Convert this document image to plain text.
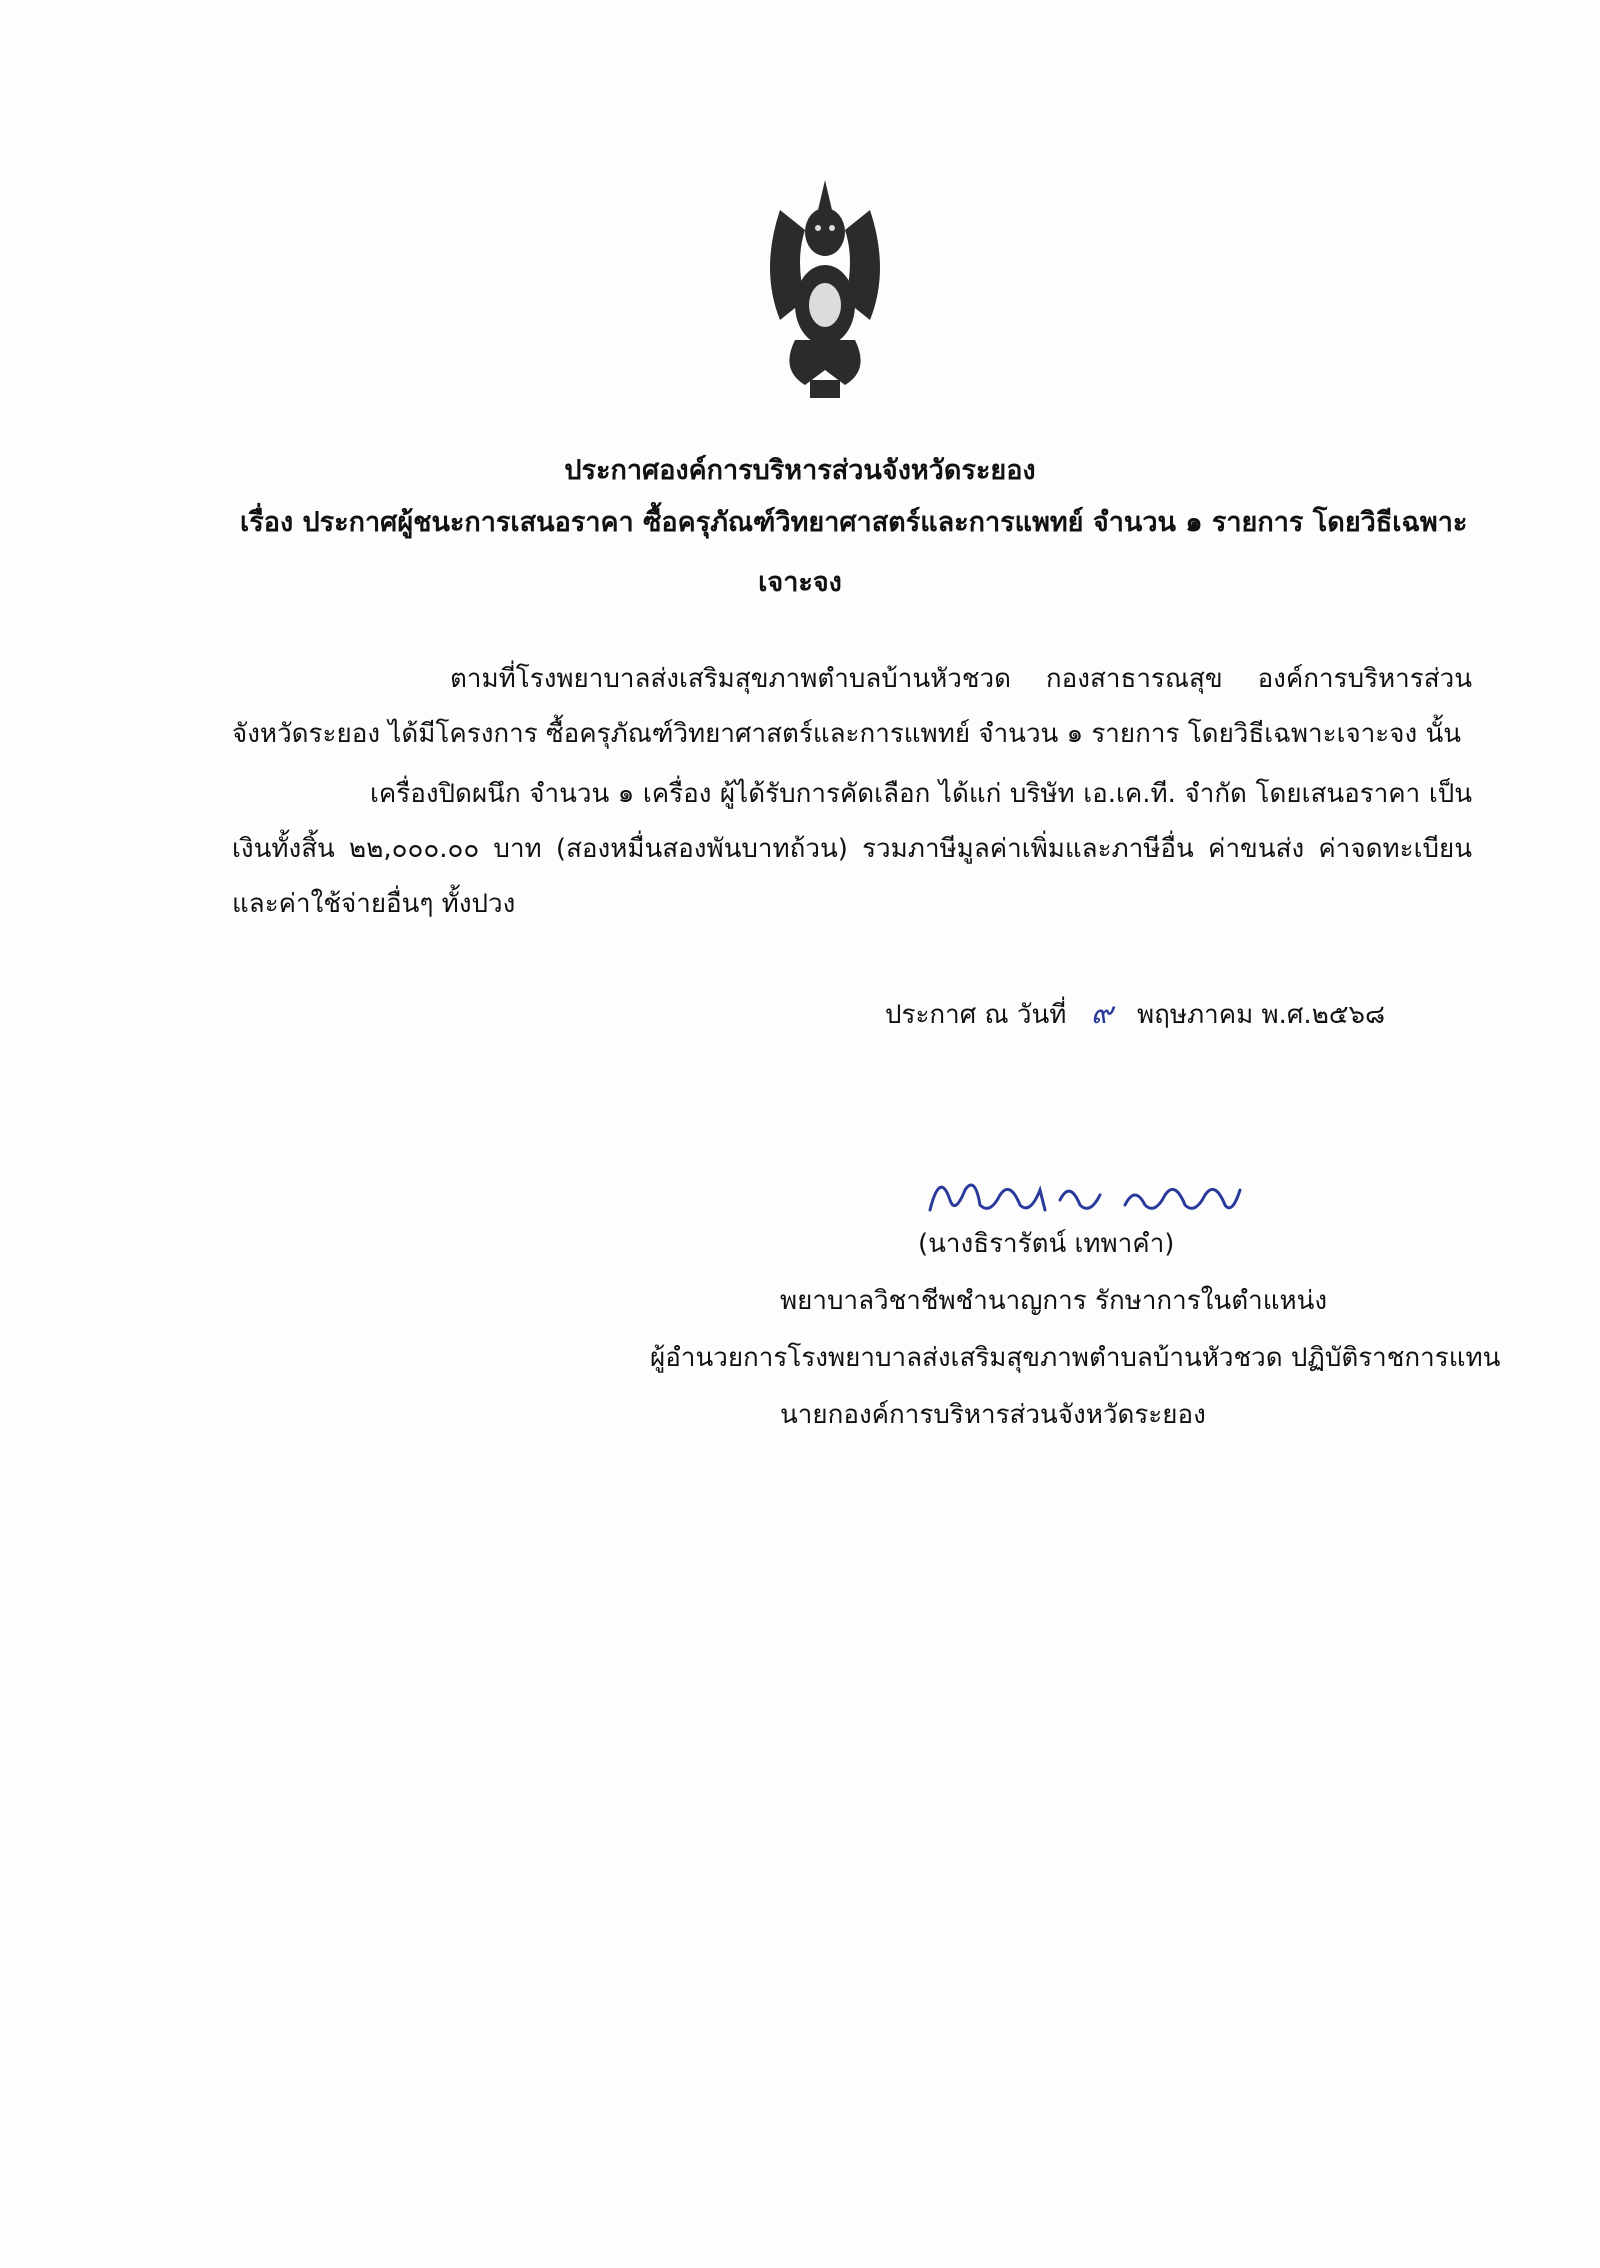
ประกาศองค์การบริหารส่วนจังหวัดระยอง
เรื่อง ประกาศผู้ชนะการเสนอราคา ซื้อครุภัณฑ์วิทยาศาสตร์และการแพทย์ จำนวน ๑ รายการ โดยวิธีเฉพาะ
เจาะจง
ตามที่โรงพยาบาลส่งเสริมสุขภาพตำบลบ้านหัวชวด กองสาธารณสุข องค์การบริหารส่วนจังหวัดระยอง ได้มีโครงการ ซื้อครุภัณฑ์วิทยาศาสตร์และการแพทย์ จำนวน ๑ รายการ โดยวิธีเฉพาะเจาะจง นั้น
เครื่องปิดผนึก จำนวน ๑ เครื่อง ผู้ได้รับการคัดเลือก ได้แก่ บริษัท เอ.เค.ที. จำกัด โดยเสนอราคา เป็นเงินทั้งสิ้น ๒๒,๐๐๐.๐๐ บาท (สองหมื่นสองพันบาทถ้วน) รวมภาษีมูลค่าเพิ่มและภาษีอื่น ค่าขนส่ง ค่าจดทะเบียน และค่าใช้จ่ายอื่นๆ ทั้งปวง
ประกาศ ณ วันที่ ๙ พฤษภาคม พ.ศ.๒๕๖๘
(นางธิรารัตน์ เทพาคำ)
พยาบาลวิชาชีพชำนาญการ รักษาการในตำแหน่ง
ผู้อำนวยการโรงพยาบาลส่งเสริมสุขภาพตำบลบ้านหัวชวด ปฏิบัติราชการแทน
นายกองค์การบริหารส่วนจังหวัดระยอง
